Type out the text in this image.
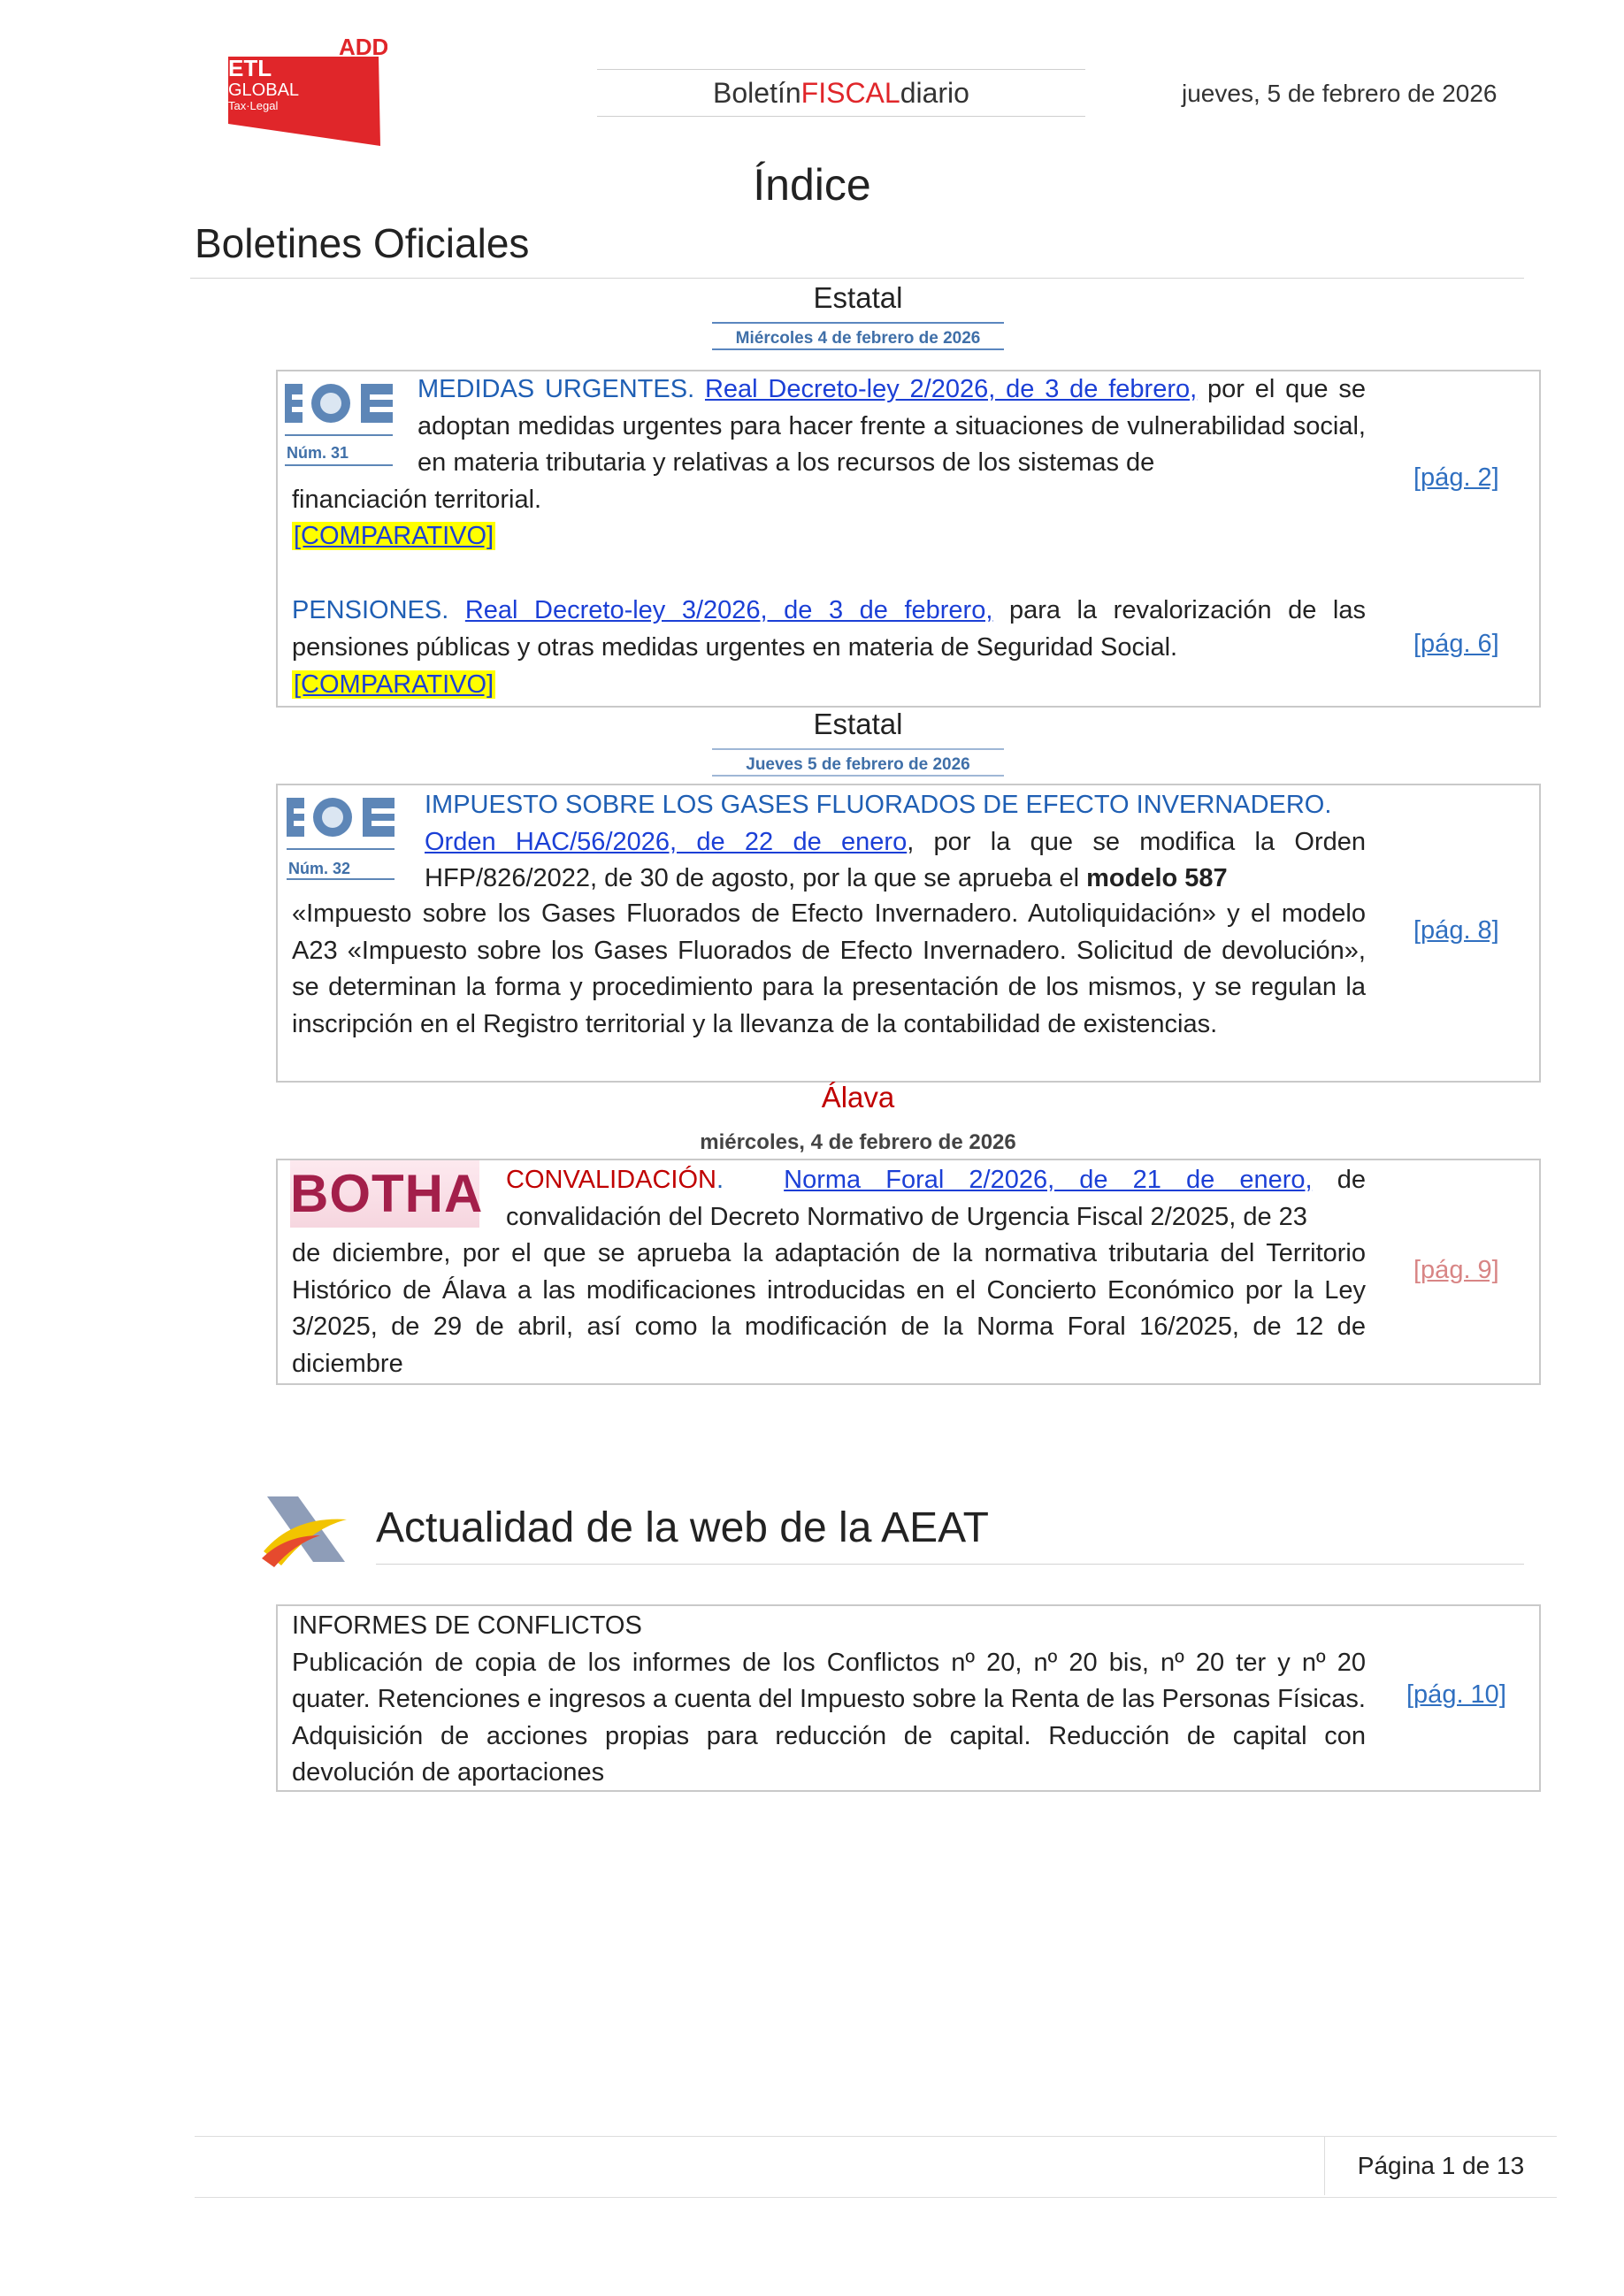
ADD
ETL
GLOBAL
Tax·Legal	Boletín FISCAL diario	jueves, 5 de febrero de 2026
Índice
Boletines Oficiales
Estatal
Miércoles 4 de febrero de 2026
Núm. 31
MEDIDAS URGENTES. Real Decreto-ley 2/2026, de 3 de febrero, por el que se adoptan medidas urgentes para hacer frente a situaciones de vulnerabilidad social, en materia tributaria y relativas a los recursos de los sistemas de
financiación territorial.
[COMPARATIVO]
[pág. 2]
PENSIONES. Real Decreto-ley 3/2026, de 3 de febrero, para la revalorización de las pensiones públicas y otras medidas urgentes en materia de Seguridad Social.
[COMPARATIVO]
[pág. 6]
Estatal
Jueves 5 de febrero de 2026
Núm. 32
IMPUESTO SOBRE LOS GASES FLUORADOS DE EFECTO INVERNADERO.
Orden HAC/56/2026, de 22 de enero, por la que se modifica la Orden HFP/826/2022, de 30 de agosto, por la que se aprueba el modelo 587
«Impuesto sobre los Gases Fluorados de Efecto Invernadero. Autoliquidación» y el modelo A23 «Impuesto sobre los Gases Fluorados de Efecto Invernadero. Solicitud de devolución», se determinan la forma y procedimiento para la presentación de los mismos, y se regulan la inscripción en el Registro territorial y la llevanza de la contabilidad de existencias.
[pág. 8]
Álava
miércoles, 4 de febrero de 2026
BOTHA CONVALIDACIÓN. Norma Foral 2/2026, de 21 de enero, de convalidación del Decreto Normativo de Urgencia Fiscal 2/2025, de 23
de diciembre, por el que se aprueba la adaptación de la normativa tributaria del Territorio Histórico de Álava a las modificaciones introducidas en el Concierto Económico por la Ley 3/2025, de 29 de abril, así como la modificación de la Norma Foral 16/2025, de 12 de diciembre
[pág. 9]
Actualidad de la web de la AEAT
INFORMES DE CONFLICTOS
Publicación de copia de los informes de los Conflictos nº 20, nº 20 bis, nº 20 ter y nº 20 quater. Retenciones e ingresos a cuenta del Impuesto sobre la Renta de las Personas Físicas. Adquisición de acciones propias para reducción de capital. Reducción de capital con devolución de aportaciones
[pág. 10]
Página 1 de 13
